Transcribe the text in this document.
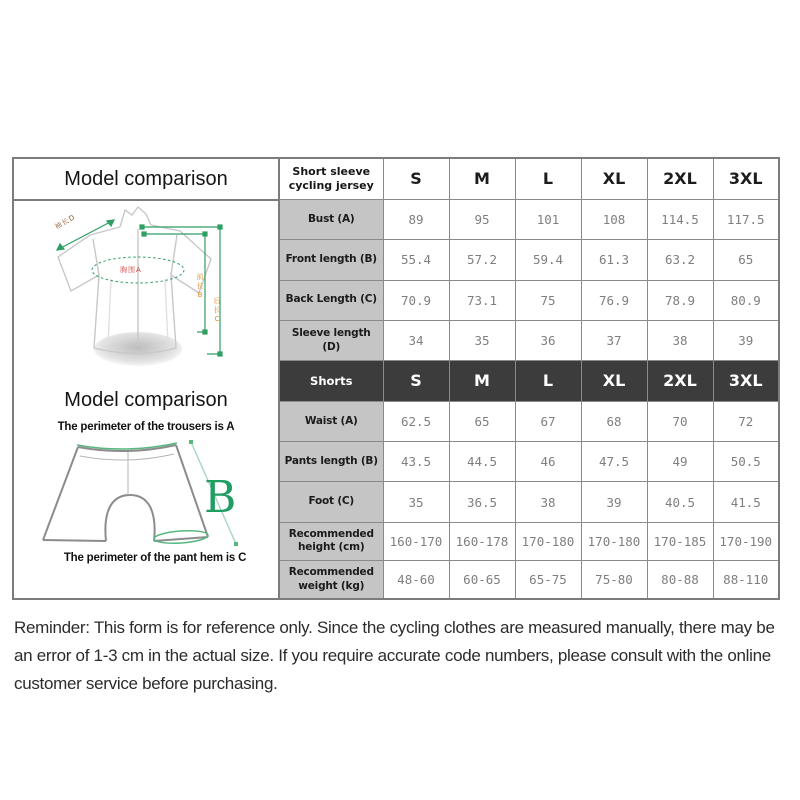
Model comparison
袖长D
胸围A
前长B
后长C
Model comparison
The perimeter of the trousers is A
B
The perimeter of the pant hem is C
Short sleeve cycling jersey	S	M	L	XL	2XL	3XL
Bust (A)	89	95	101	108	114.5	117.5
Front length (B)	55.4	57.2	59.4	61.3	63.2	65
Back Length (C)	70.9	73.1	75	76.9	78.9	80.9
Sleeve length (D)	34	35	36	37	38	39
Shorts	S	M	L	XL	2XL	3XL
Waist (A)	62.5	65	67	68	70	72
Pants length (B)	43.5	44.5	46	47.5	49	50.5
Foot (C)	35	36.5	38	39	40.5	41.5
Recommended height (cm)	160-170	160-178	170-180	170-180	170-185	170-190
Recommended weight (kg)	48-60	60-65	65-75	75-80	80-88	88-110
Reminder: This form is for reference only. Since the cycling clothes are measured manually, there may be an error of 1-3 cm in the actual size. If you require accurate code numbers, please consult with the online customer service before purchasing.
